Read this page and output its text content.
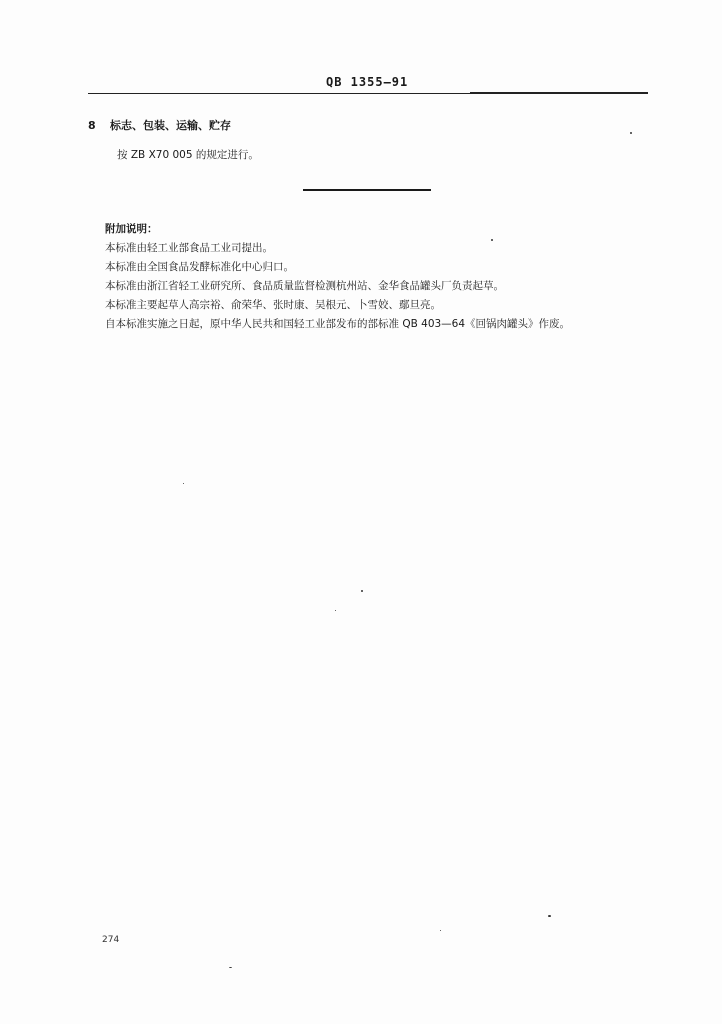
QB 1355—91
8 标志、包装、运输、贮存
按 ZB X70 005 的规定进行。
附加说明：
本标准由轻工业部食品工业司提出。
本标准由全国食品发酵标准化中心归口。
本标准由浙江省轻工业研究所、食品质量监督检测杭州站、金华食品罐头厂负责起草。
本标准主要起草人高宗裕、俞荣华、张时康、吴根元、卜雪姣、鄢旦亮。
自本标准实施之日起，原中华人民共和国轻工业部发布的部标准 QB 403—64《回锅肉罐头》作废。
274
